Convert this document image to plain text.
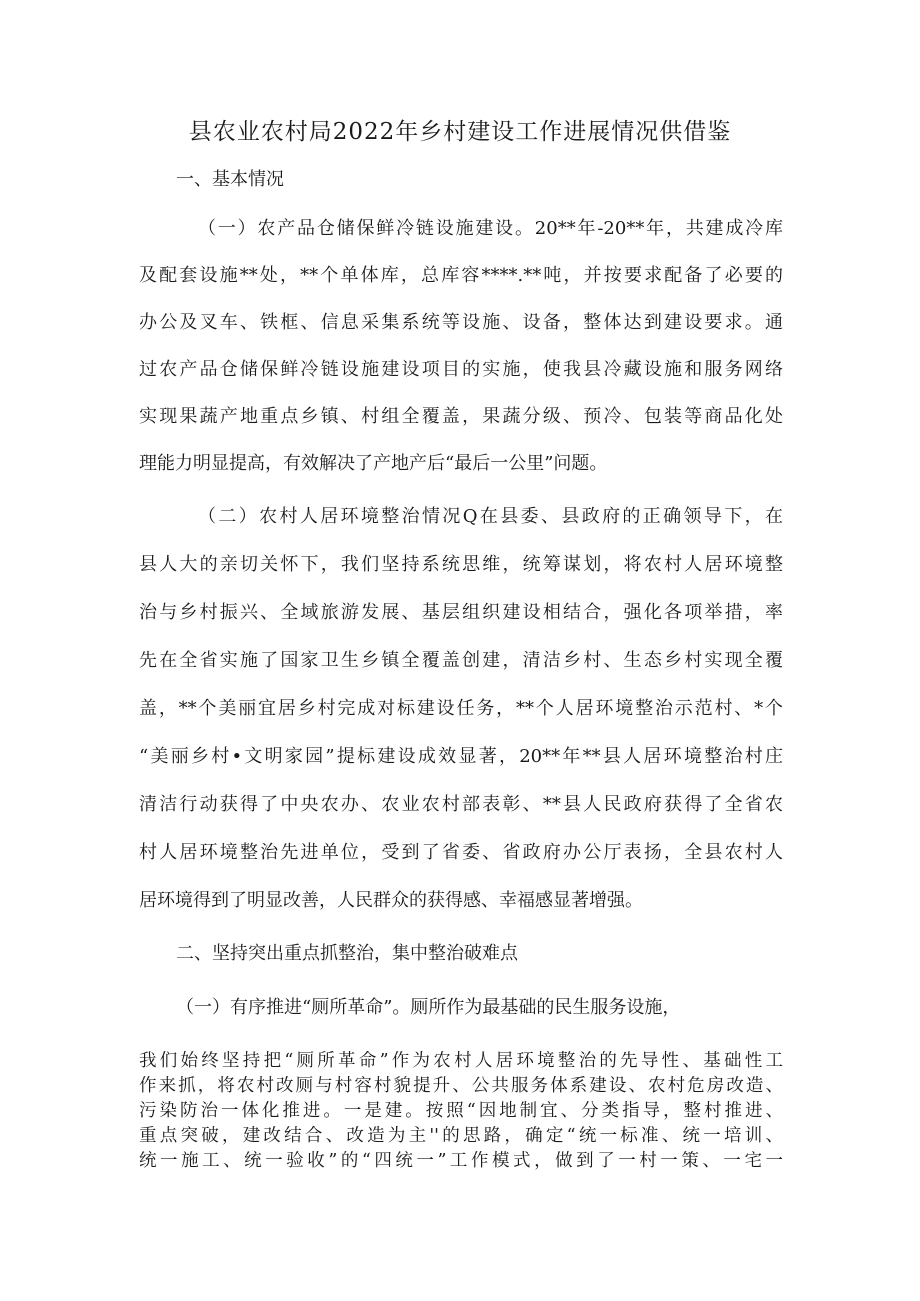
县农业农村局2022年乡村建设工作进展情况供借鉴
一、基本情况
（一）农产品仓储保鲜冷链设施建设。20**年-20**年，共建成冷库
及配套设施**处，**个单体库，总库容****.**吨，并按要求配备了必要的
办公及叉车、铁框、信息采集系统等设施、设备，整体达到建设要求。通
过农产品仓储保鲜冷链设施建设项目的实施，使我县冷藏设施和服务网络
实现果蔬产地重点乡镇、村组全覆盖，果蔬分级、预冷、包装等商品化处
理能力明显提高，有效解决了产地产后“最后一公里”问题。
（二）农村人居环境整治情况Q在县委、县政府的正确领导下，在
县人大的亲切关怀下，我们坚持系统思维，统筹谋划，将农村人居环境整
治与乡村振兴、全域旅游发展、基层组织建设相结合，强化各项举措，率
先在全省实施了国家卫生乡镇全覆盖创建，清洁乡村、生态乡村实现全覆
盖，**个美丽宜居乡村完成对标建设任务，**个人居环境整治示范村、*个
“美丽乡村•文明家园”提标建设成效显著，20**年**县人居环境整治村庄
清洁行动获得了中央农办、农业农村部表彰、**县人民政府获得了全省农
村人居环境整治先进单位，受到了省委、省政府办公厅表扬，全县农村人
居环境得到了明显改善，人民群众的获得感、幸福感显著增强。
二、坚持突出重点抓整治，集中整治破难点
（一）有序推进“厕所革命”。厕所作为最基础的民生服务设施，
我们始终坚持把“厕所革命”作为农村人居环境整治的先导性、基础性工
作来抓，将农村改厕与村容村貌提升、公共服务体系建设、农村危房改造、
污染防治一体化推进。一是建。按照“因地制宜、分类指导，整村推进、
重点突破，建改结合、改造为主''的思路，确定“统一标准、统一培训、
统一施工、统一验收”的“四统一”工作模式，做到了一村一策、一宅一
